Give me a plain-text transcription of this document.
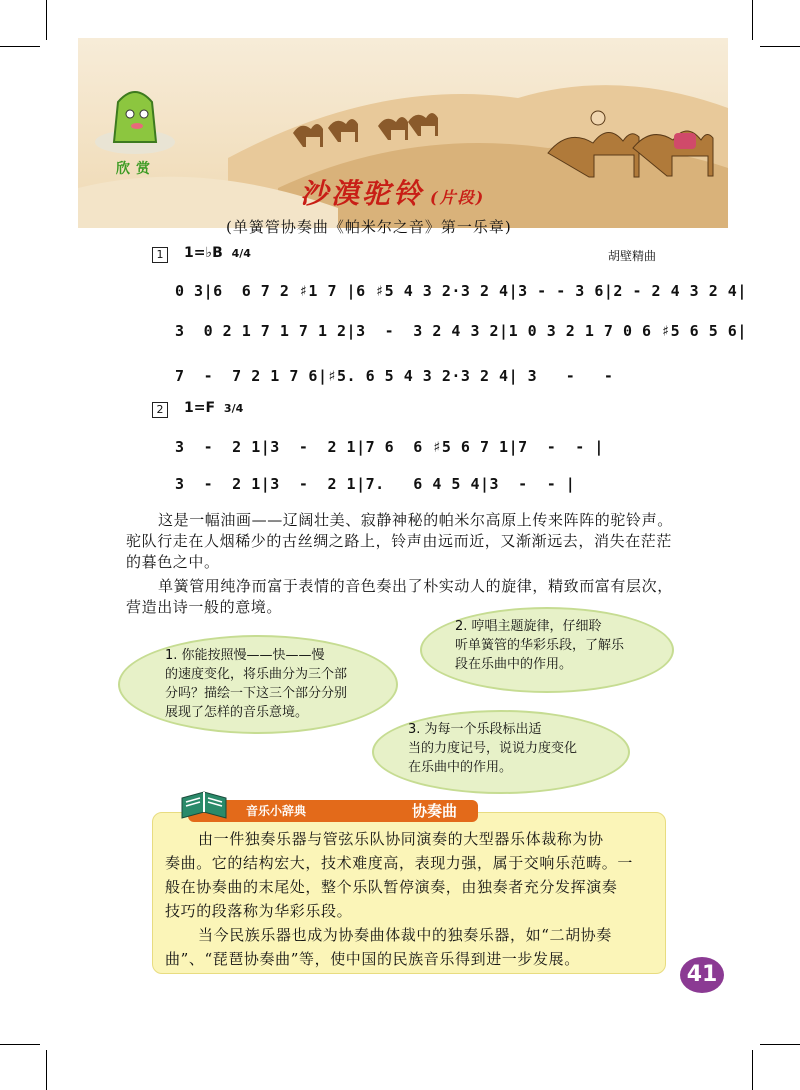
欣赏
沙漠驼铃 (片段)
(单簧管协奏曲《帕米尔之音》第一乐章)
1	1=♭B 4/4	胡壁精曲
0 3|6  6 7 2 ♯1 7 |6 ♯5 4 3 2·3 2 4|3 - - 3 6|2 - 2 4 3 2 4|
3  0 2 1 7 1 7 1 2|3  -  3 2 4 3 2|1 0 3 2 1 7 0 6 ♯5 6 5 6|
7  -  7 2 1 7 6|♯5. 6 5 4 3 2·3 2 4| 3   -   -
2	1=F 3/4
3  -  2 1|3  -  2 1|7 6  6 ♯5 6 7 1|7  -  - |
3  -  2 1|3  -  2 1|7.   6 4 5 4|3  -  - |
这是一幅油画——辽阔壮美、寂静神秘的帕米尔高原上传来阵阵的驼铃声。
驼队行走在人烟稀少的古丝绸之路上，铃声由远而近，又渐渐远去，消失在茫茫
的暮色之中。
单簧管用纯净而富于表情的音色奏出了朴实动人的旋律，精致而富有层次，
营造出诗一般的意境。
1. 你能按照慢——快——慢
的速度变化，将乐曲分为三个部
分吗？描绘一下这三个部分分别
展现了怎样的音乐意境。
2. 哼唱主题旋律，仔细聆
听单簧管的华彩乐段，了解乐
段在乐曲中的作用。
3. 为每一个乐段标出适
当的力度记号，说说力度变化
在乐曲中的作用。
音乐小辞典	协奏曲
由一件独奏乐器与管弦乐队协同演奏的大型器乐体裁称为协
奏曲。它的结构宏大，技术难度高，表现力强，属于交响乐范畴。一
般在协奏曲的末尾处，整个乐队暂停演奏，由独奏者充分发挥演奏
技巧的段落称为华彩乐段。
当今民族乐器也成为协奏曲体裁中的独奏乐器，如“二胡协奏
曲”、“琵琶协奏曲”等，使中国的民族音乐得到进一步发展。
41
